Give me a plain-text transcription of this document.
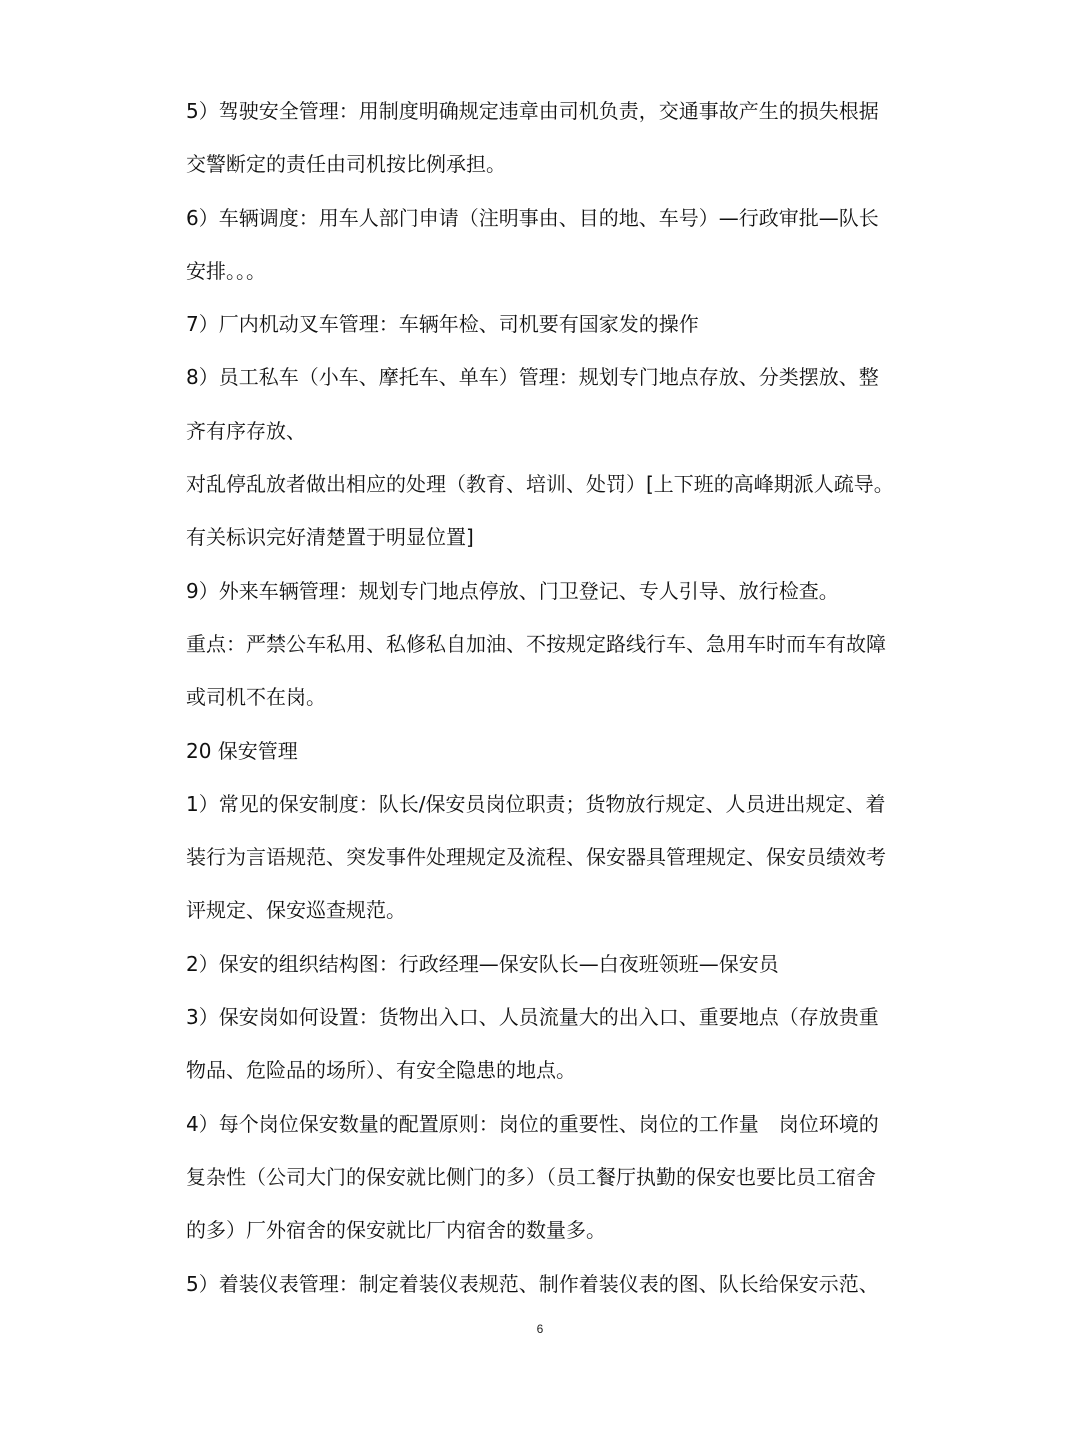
5）驾驶安全管理：用制度明确规定违章由司机负责，交通事故产生的损失根据
交警断定的责任由司机按比例承担。
6）车辆调度：用车人部门申请（注明事由、目的地、车号）—行政审批—队长
安排。。。
7）厂内机动叉车管理：车辆年检、司机要有国家发的操作
8）员工私车（小车、摩托车、单车）管理：规划专门地点存放、分类摆放、整
齐有序存放、
对乱停乱放者做出相应的处理（教育、培训、处罚）[上下班的高峰期派人疏导。
有关标识完好清楚置于明显位置]
9）外来车辆管理：规划专门地点停放、门卫登记、专人引导、放行检查。
重点：严禁公车私用、私修私自加油、不按规定路线行车、急用车时而车有故障
或司机不在岗。
20 保安管理
1）常见的保安制度：队长/保安员岗位职责；货物放行规定、人员进出规定、着
装行为言语规范、突发事件处理规定及流程、保安器具管理规定、保安员绩效考
评规定、保安巡查规范。
2）保安的组织结构图：行政经理—保安队长—白夜班领班—保安员
3）保安岗如何设置：货物出入口、人员流量大的出入口、重要地点（存放贵重
物品、危险品的场所）、有安全隐患的地点。
4）每个岗位保安数量的配置原则：岗位的重要性、岗位的工作量　岗位环境的
复杂性（公司大门的保安就比侧门的多）（员工餐厅执勤的保安也要比员工宿舍
的多）厂外宿舍的保安就比厂内宿舍的数量多。
5）着装仪表管理：制定着装仪表规范、制作着装仪表的图、队长给保安示范、
6
